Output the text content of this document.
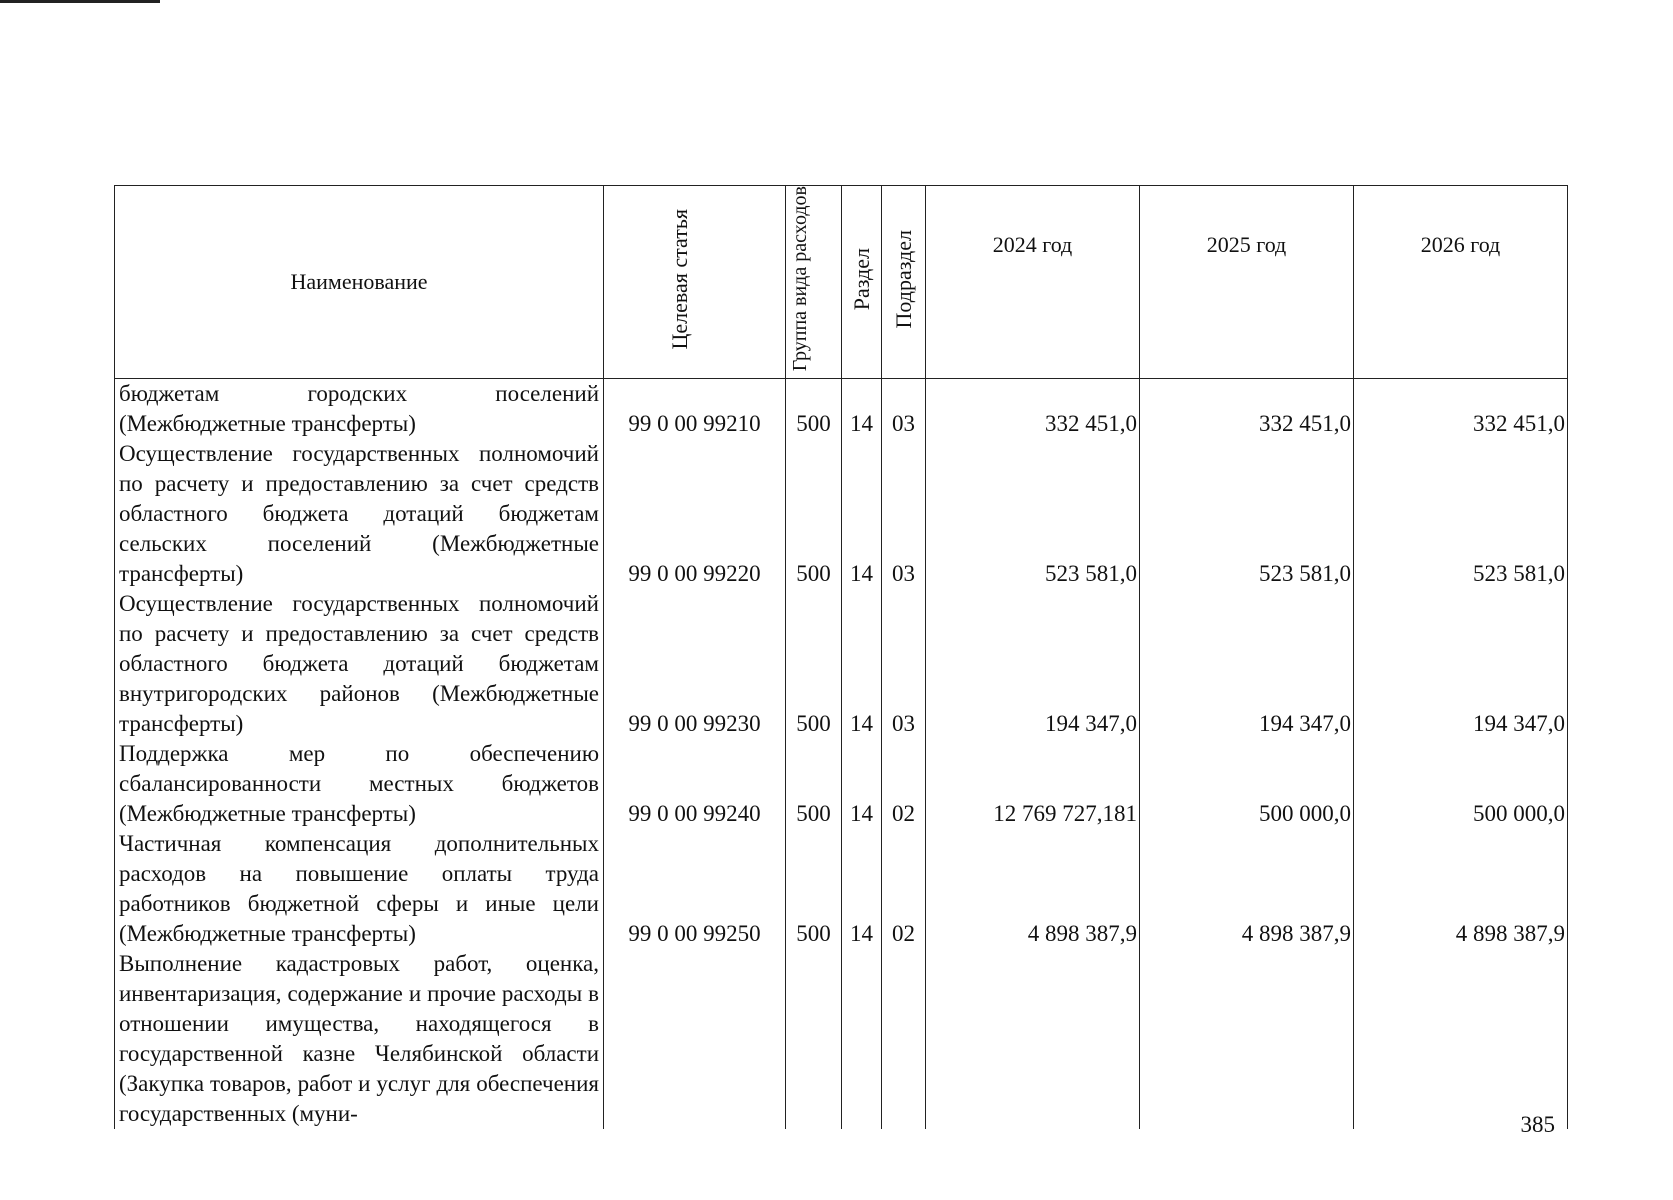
Наименование	Целевая статья	Группа вида расходов	Раздел	Подраздел	2024 год	2025 год	2026 год
бюджетам городских поселений (Межбюджетные трансферты)	99 0 00 99210	500	14	03	332 451,0	332 451,0	332 451,0
Осуществление государственных полномочий по расчету и предоставлению за счет средств областного бюджета дотаций бюджетам сельских поселений (Межбюджетные трансферты)	99 0 00 99220	500	14	03	523 581,0	523 581,0	523 581,0
Осуществление государственных полномочий по расчету и предоставлению за счет средств областного бюджета дотаций бюджетам внутригородских районов (Межбюджетные трансферты)	99 0 00 99230	500	14	03	194 347,0	194 347,0	194 347,0
Поддержка мер по обеспечению сбалансированности местных бюджетов (Межбюджетные трансферты)	99 0 00 99240	500	14	02	12 769 727,181	500 000,0	500 000,0
Частичная компенсация дополнительных расходов на повышение оплаты труда работников бюджетной сферы и иные цели (Межбюджетные трансферты)	99 0 00 99250	500	14	02	4 898 387,9	4 898 387,9	4 898 387,9
Выполнение кадастровых работ, оценка, инвентаризация, содержание и прочие расходы в отношении имущества, находящегося в государственной казне Челябинской области (Закупка товаров, работ и услуг для обеспечения государственных (муни-								385
